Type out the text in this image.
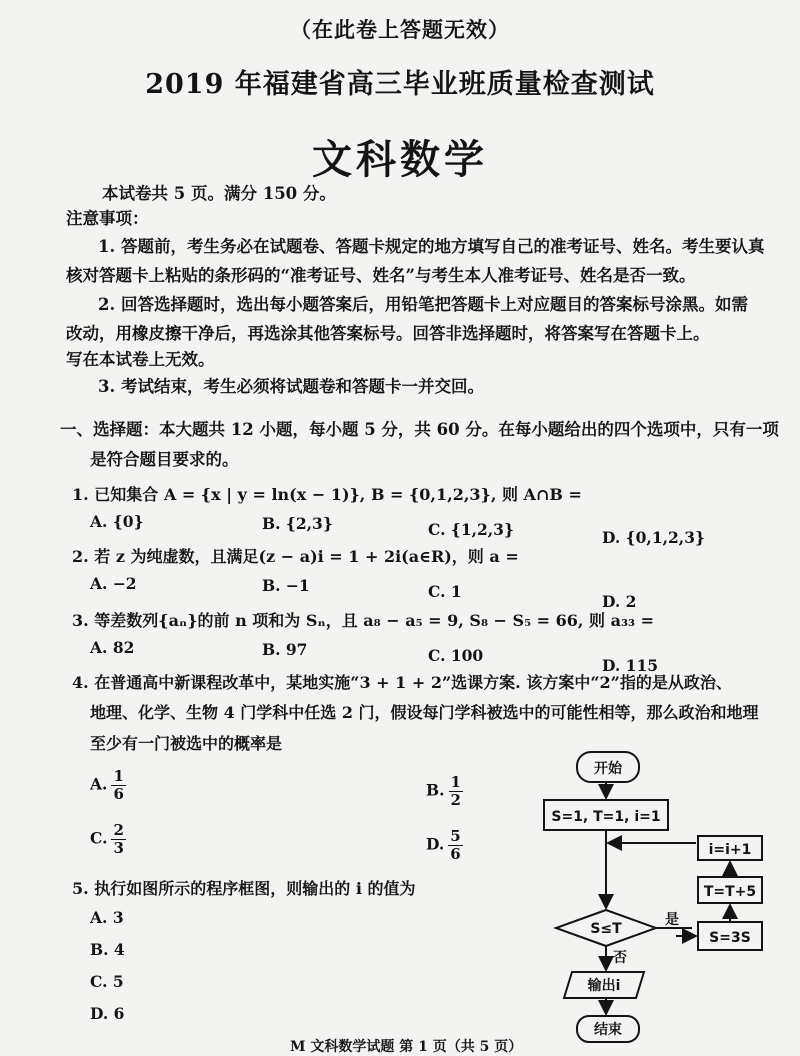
（在此卷上答题无效）
2019 年福建省高三毕业班质量检查测试
文科数学
本试卷共 5 页。满分 150 分。
注意事项：
1. 答题前，考生务必在试题卷、答题卡规定的地方填写自己的准考证号、姓名。考生要认真
核对答题卡上粘贴的条形码的“准考证号、姓名”与考生本人准考证号、姓名是否一致。
2. 回答选择题时，选出每小题答案后，用铅笔把答题卡上对应题目的答案标号涂黑。如需
改动，用橡皮擦干净后，再选涂其他答案标号。回答非选择题时，将答案写在答题卡上。
写在本试卷上无效。
3. 考试结束，考生必须将试题卷和答题卡一并交回。
一、选择题：本大题共 12 小题，每小题 5 分，共 60 分。在每小题给出的四个选项中，只有一项
是符合题目要求的。
1. 已知集合 A = {x | y = ln(x − 1)}, B = {0,1,2,3}, 则 A∩B =
A. {0}	B. {2,3}	C. {1,2,3}	D. {0,1,2,3}
2. 若 z 为纯虚数，且满足(z − a)i = 1 + 2i(a∈R)，则 a =
A. −2	B. −1	C. 1
D. 2
3. 等差数列{aₙ}的前 n 项和为 Sₙ，且 a₈ − a₅ = 9, S₈ − S₅ = 66, 则 a₃₃ =
A. 82	B. 97	C. 100
D. 115
4. 在普通高中新课程改革中，某地实施“3 + 1 + 2”选课方案. 该方案中“2”指的是从政治、
地理、化学、生物 4 门学科中任选 2 门，假设每门学科被选中的可能性相等，那么政治和地理
至少有一门被选中的概率是
A. $\frac{1}{6}$	B. $\frac{1}{2}$
C. $\frac{2}{3}$	D. $\frac{5}{6}$
5. 执行如图所示的程序框图，则输出的 i 的值为
A. 3
B. 4
C. 5
D. 6
开始
S=1, T=1, i=1
i=i+1
T=T+5
S=3S
S≤T
是
否
输出i
结束
M 文科数学试题 第 1 页（共 5 页）
